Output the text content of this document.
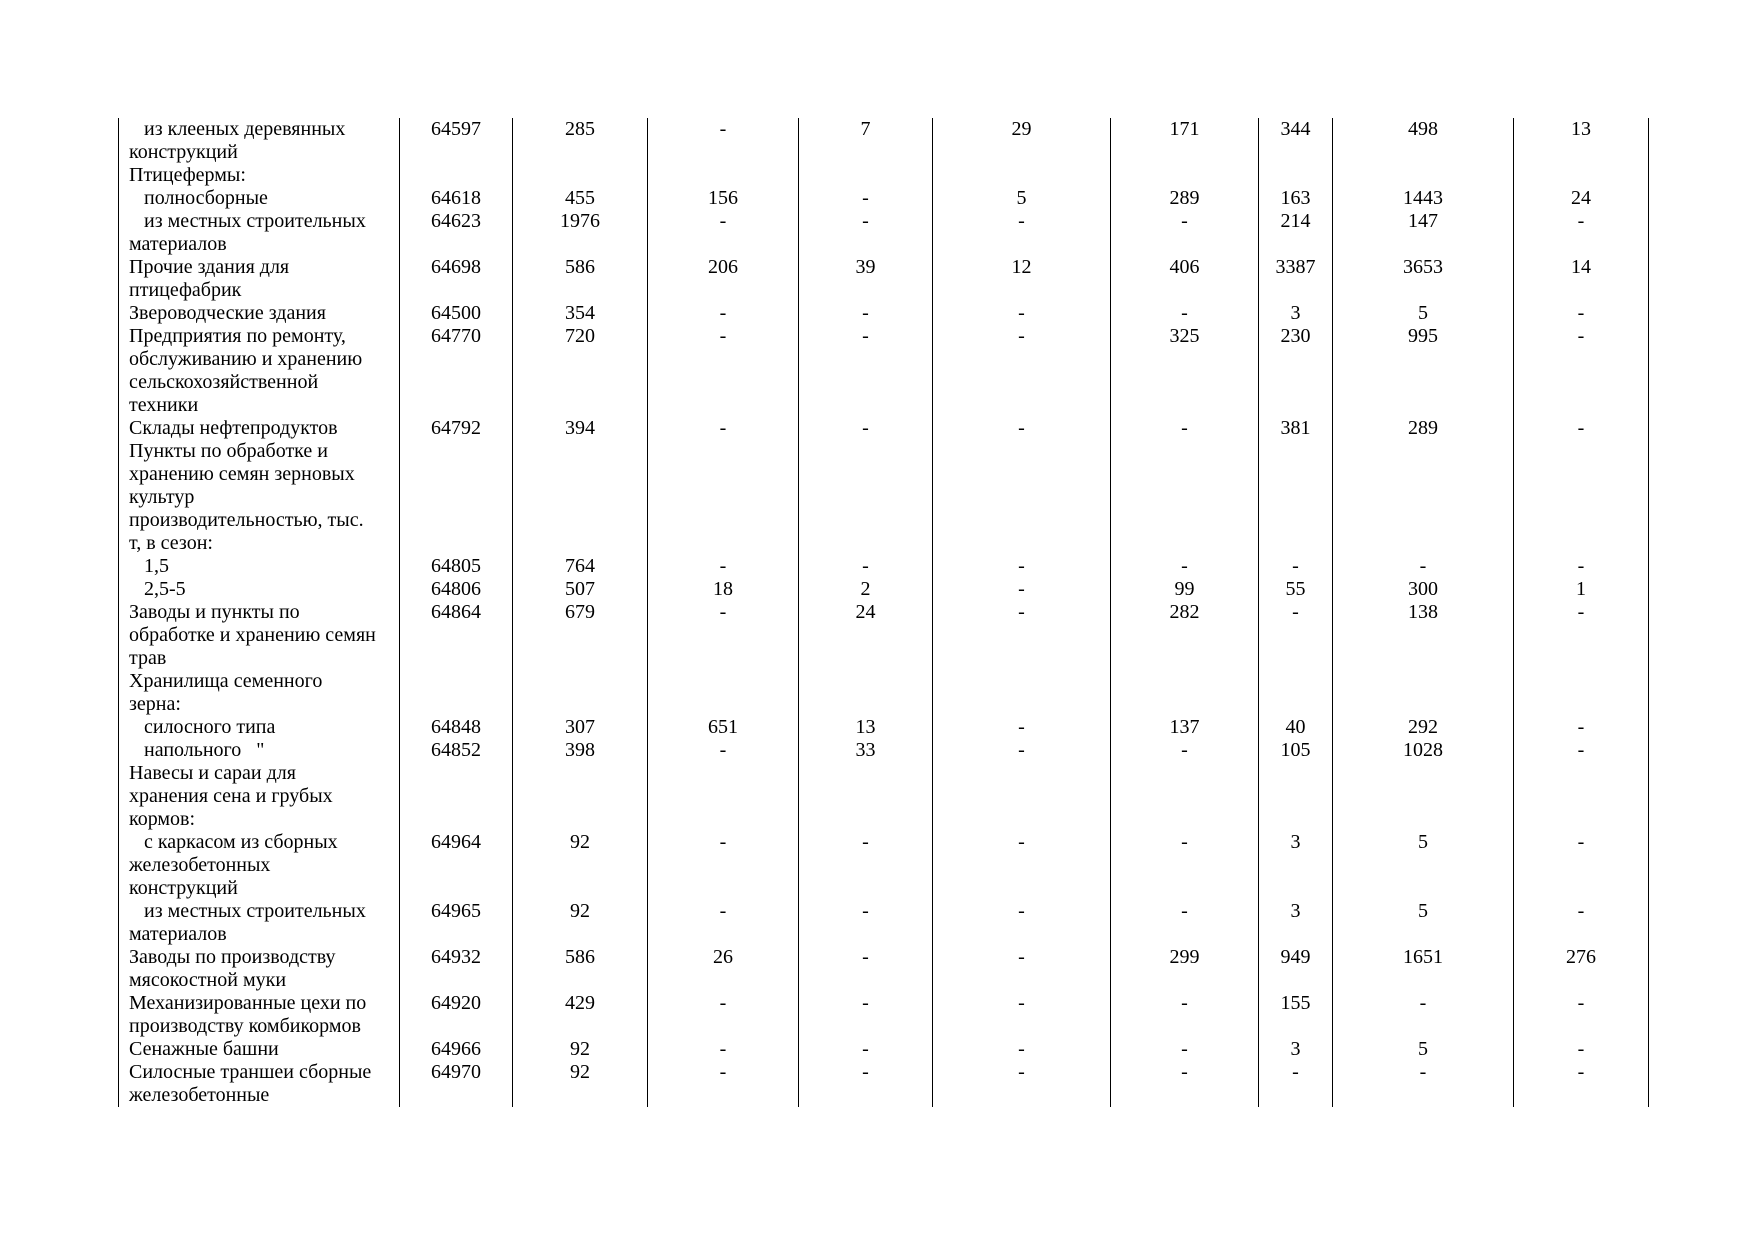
из клееных деревянных
конструкций	64597	285	-	7	29	171	344	498	13

Птицефермы:									

полносборные	64618	455	156	-	5	289	163	1443	24

из местных строительных
материалов	64623	1976	-	-	-	-	214	147	-

Прочие здания для
птицефабрик	64698	586	206	39	12	406	3387	3653	14

Звероводческие здания	64500	354	-	-	-	-	3	5	-

Предприятия по ремонту,
обслуживанию и хранению
сельскохозяйственной
техники	64770	720	-	-	-	325	230	995	-

Склады нефтепродуктов	64792	394	-	-	-	-	381	289	-

Пункты по обработке и
хранению семян зерновых
культур
производительностью, тыс.
т, в сезон:									

1,5	64805	764	-	-	-	-	-	-	-

2,5-5	64806	507	18	2	-	99	55	300	1

Заводы и пункты по
обработке и хранению семян
трав	64864	679	-	24	-	282	-	138	-

Хранилища семенного
зерна:									

силосного типа	64848	307	651	13	-	137	40	292	-

напольного   "	64852	398	-	33	-	-	105	1028	-

Навесы и сараи для
хранения сена и грубых
кормов:									

с каркасом из сборных
железобетонных
конструкций	64964	92	-	-	-	-	3	5	-

из местных строительных
материалов	64965	92	-	-	-	-	3	5	-

Заводы по производству
мясокостной муки	64932	586	26	-	-	299	949	1651	276

Механизированные цехи по
производству комбикормов	64920	429	-	-	-	-	155	-	-

Сенажные башни	64966	92	-	-	-	-	3	5	-

Силосные траншеи сборные
железобетонные	64970	92	-	-	-	-	-	-	-
